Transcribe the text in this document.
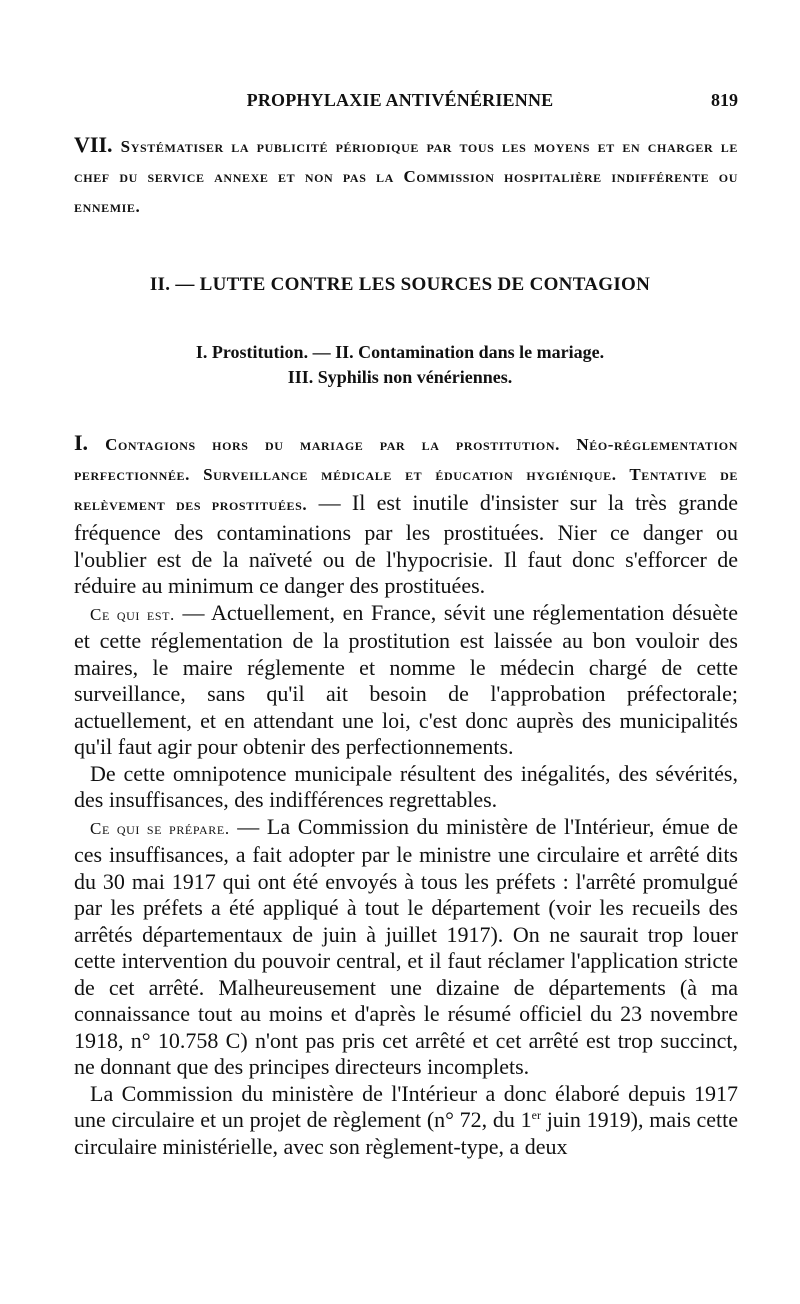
PROPHYLAXIE ANTIVÉNÉRIENNE	819
VII. Systématiser la publicité périodique par tous les moyens et en charger le chef du service annexe et non pas la Commission hospitalière indifférente ou ennemie.
II. — LUTTE CONTRE LES SOURCES DE CONTAGION
I. Prostitution. — II. Contamination dans le mariage.
III. Syphilis non vénériennes.

I. Contagions hors du mariage par la prostitution. Néo-réglementation perfectionnée. Surveillance médicale et éducation hygiénique. Tentative de relèvement des prostituées. — Il est inutile d'insister sur la très grande fréquence des contaminations par les prostituées. Nier ce danger ou l'oublier est de la naïveté ou de l'hypocrisie. Il faut donc s'efforcer de réduire au minimum ce danger des prostituées.

Ce qui est. — Actuellement, en France, sévit une réglementation désuète et cette réglementation de la prostitution est laissée au bon vouloir des maires, le maire réglemente et nomme le médecin chargé de cette surveillance, sans qu'il ait besoin de l'approbation préfectorale; actuellement, et en attendant une loi, c'est donc auprès des municipalités qu'il faut agir pour obtenir des perfectionnements.

De cette omnipotence municipale résultent des inégalités, des sévérités, des insuffisances, des indifférences regrettables.

Ce qui se prépare. — La Commission du ministère de l'Intérieur, émue de ces insuffisances, a fait adopter par le ministre une circulaire et arrêté dits du 30 mai 1917 qui ont été envoyés à tous les préfets : l'arrêté promulgué par les préfets a été appliqué à tout le département (voir les recueils des arrêtés départementaux de juin à juillet 1917). On ne saurait trop louer cette intervention du pouvoir central, et il faut réclamer l'application stricte de cet arrêté. Malheureusement une dizaine de départements (à ma connaissance tout au moins et d'après le résumé officiel du 23 novembre 1918, n° 10.758 C) n'ont pas pris cet arrêté et cet arrêté est trop succinct, ne donnant que des principes directeurs incomplets.

La Commission du ministère de l'Intérieur a donc élaboré depuis 1917 une circulaire et un projet de règlement (n° 72, du 1er juin 1919), mais cette circulaire ministérielle, avec son règlement-type, a deux
